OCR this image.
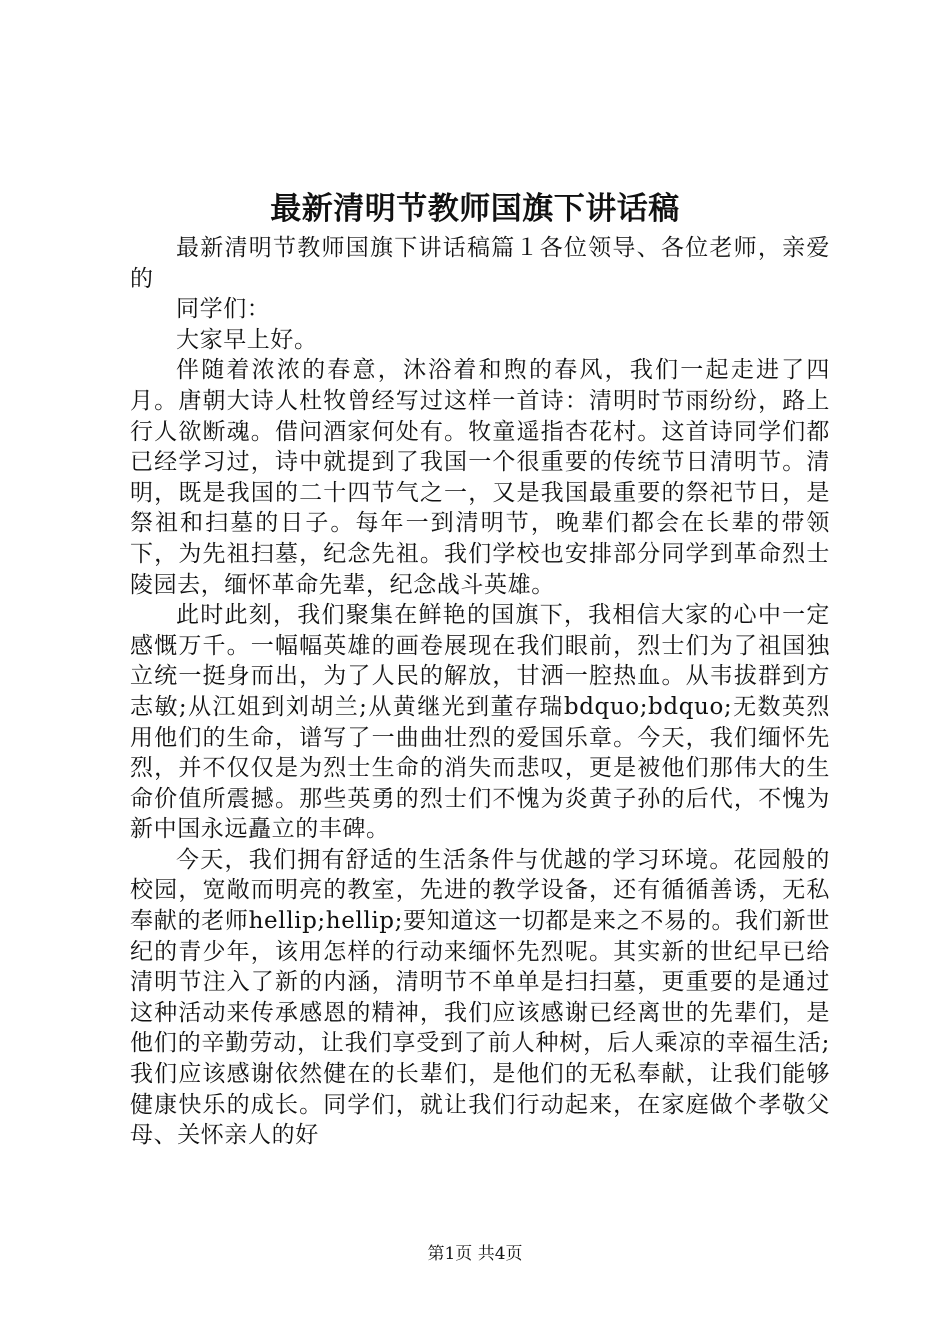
最新清明节教师国旗下讲话稿

最新清明节教师国旗下讲话稿篇１各位领导、各位老师，亲爱的

同学们：

大家早上好。

伴随着浓浓的春意，沐浴着和煦的春风，我们一起走进了四月。唐朝大诗人杜牧曾经写过这样一首诗：清明时节雨纷纷，路上行人欲断魂。借问酒家何处有。牧童遥指杏花村。这首诗同学们都已经学习过，诗中就提到了我国一个很重要的传统节日清明节。清明，既是我国的二十四节气之一，又是我国最重要的祭祀节日，是祭祖和扫墓的日子。每年一到清明节，晚辈们都会在长辈的带领下，为先祖扫墓，纪念先祖。我们学校也安排部分同学到革命烈士陵园去，缅怀革命先辈，纪念战斗英雄。

此时此刻，我们聚集在鲜艳的国旗下，我相信大家的心中一定感慨万千。一幅幅英雄的画卷展现在我们眼前，烈士们为了祖国独立统一挺身而出，为了人民的解放，甘洒一腔热血。从韦拔群到方志敏;从江姐到刘胡兰;从黄继光到董存瑞bdquo;bdquo;无数英烈用他们的生命，谱写了一曲曲壮烈的爱国乐章。今天，我们缅怀先烈，并不仅仅是为烈士生命的消失而悲叹，更是被他们那伟大的生命价值所震撼。那些英勇的烈士们不愧为炎黄子孙的后代，不愧为新中国永远矗立的丰碑。

今天，我们拥有舒适的生活条件与优越的学习环境。花园般的校园，宽敞而明亮的教室，先进的教学设备，还有循循善诱，无私奉献的老师hellip;hellip;要知道这一切都是来之不易的。我们新世纪的青少年，该用怎样的行动来缅怀先烈呢。其实新的世纪早已给清明节注入了新的内涵，清明节不单单是扫扫墓，更重要的是通过这种活动来传承感恩的精神，我们应该感谢已经离世的先辈们，是他们的辛勤劳动，让我们享受到了前人种树，后人乘凉的幸福生活;我们应该感谢依然健在的长辈们，是他们的无私奉献，让我们能够健康快乐的成长。同学们，就让我们行动起来，在家庭做个孝敬父母、关怀亲人的好

第1页 共4页
